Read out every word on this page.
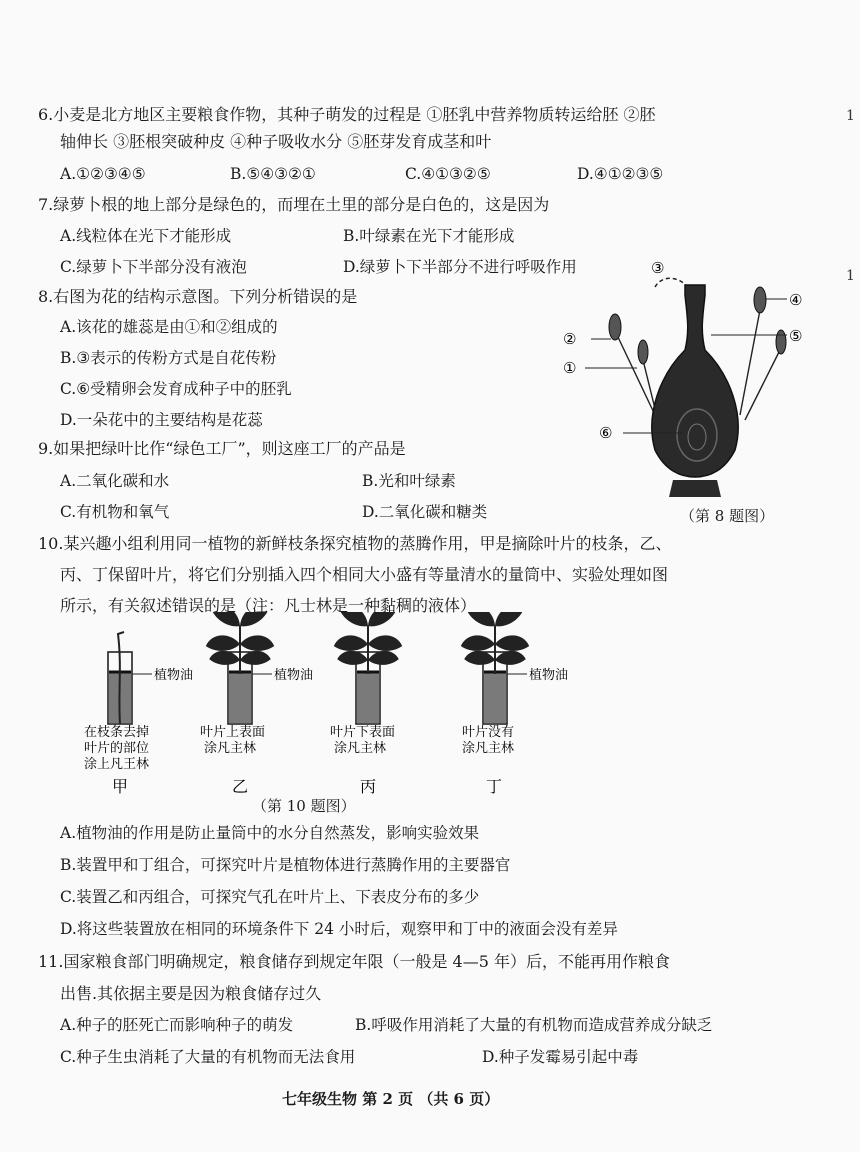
1
1
6.小麦是北方地区主要粮食作物，其种子萌发的过程是 ①胚乳中营养物质转运给胚 ②胚
轴伸长 ③胚根突破种皮 ④种子吸收水分 ⑤胚芽发育成茎和叶
A.①②③④⑤	B.⑤④③②①	C.④①③②⑤	D.④①②③⑤
7.绿萝卜根的地上部分是绿色的，而埋在土里的部分是白色的，这是因为
A.线粒体在光下才能形成	B.叶绿素在光下才能形成
C.绿萝卜下半部分没有液泡	D.绿萝卜下半部分不进行呼吸作用
8.右图为花的结构示意图。下列分析错误的是
A.该花的雄蕊是由①和②组成的
B.③表示的传粉方式是自花传粉
C.⑥受精卵会发育成种子中的胚乳
D.一朵花中的主要结构是花蕊
③
④
②	⑤
①
⑥
（第 8 题图）
9.如果把绿叶比作“绿色工厂”，则这座工厂的产品是
A.二氧化碳和水	B.光和叶绿素
C.有机物和氧气	D.二氧化碳和糖类
10.某兴趣小组利用同一植物的新鲜枝条探究植物的蒸腾作用，甲是摘除叶片的枝条，乙、
丙、丁保留叶片，将它们分别插入四个相同大小盛有等量清水的量筒中、实验处理如图
所示，有关叙述错误的是（注：凡士林是一种黏稠的液体）
植物油	植物油	植物油
在枝条去掉
叶片的部位
涂上凡王林
叶片上表面
涂凡主林
叶片下表面
涂凡主林
叶片没有
涂凡主林
甲	乙	丙	丁
（第 10 题图）
A.植物油的作用是防止量筒中的水分自然蒸发，影响实验效果
B.装置甲和丁组合，可探究叶片是植物体进行蒸腾作用的主要器官
C.装置乙和丙组合，可探究气孔在叶片上、下表皮分布的多少
D.将这些装置放在相同的环境条件下 24 小时后，观察甲和丁中的液面会没有差异
11.国家粮食部门明确规定，粮食储存到规定年限（一般是 4—5 年）后，不能再用作粮食
出售.其依据主要是因为粮食储存过久
A.种子的胚死亡而影响种子的萌发	B.呼吸作用消耗了大量的有机物而造成营养成分缺乏
C.种子生虫消耗了大量的有机物而无法食用	D.种子发霉易引起中毒
七年级生物 第 2 页 （共 6 页）
